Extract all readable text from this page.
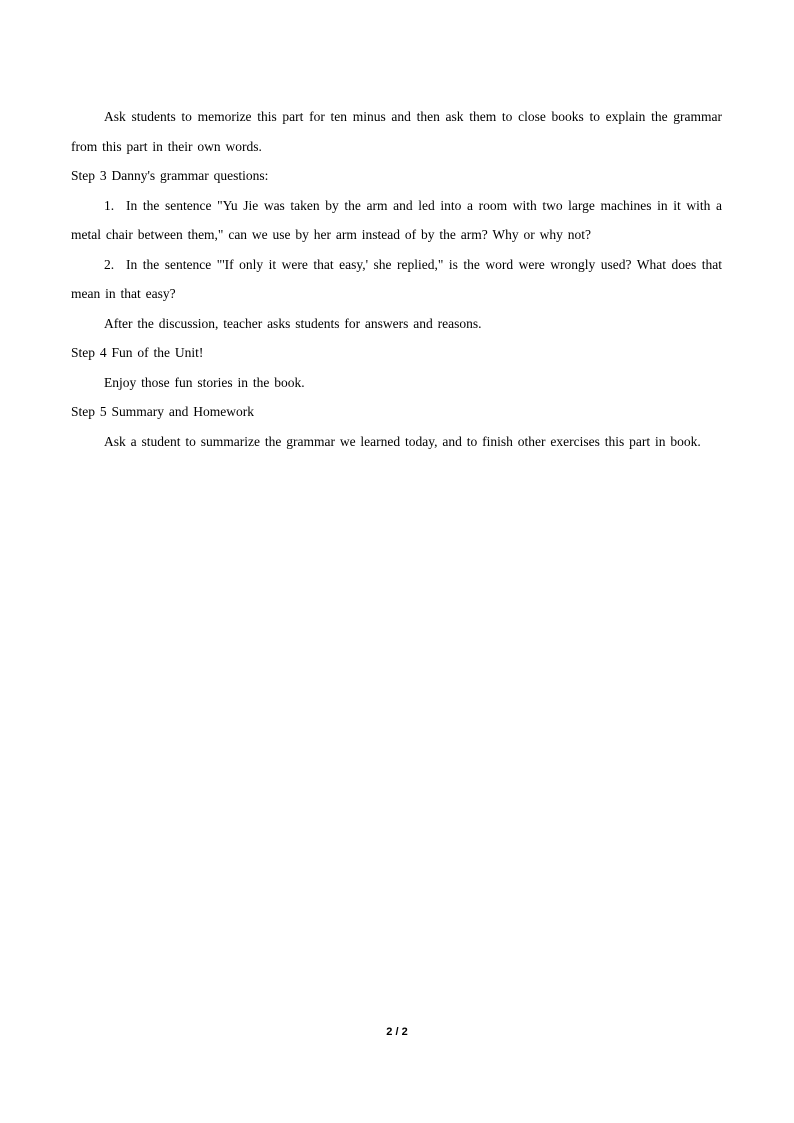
Ask students to memorize this part for ten minus and then ask them to close books to explain the grammar from this part in their own words.

Step 3 Danny's grammar questions:

1. In the sentence "Yu Jie was taken by the arm and led into a room with two large machines in it with a metal chair between them," can we use by her arm instead of by the arm? Why or why not?

2. In the sentence "'If only it were that easy,' she replied," is the word were wrongly used? What does that mean in that easy?

After the discussion, teacher asks students for answers and reasons.

Step 4 Fun of the Unit!

Enjoy those fun stories in the book.

Step 5 Summary and Homework

Ask a student to summarize the grammar we learned today, and to finish other exercises this part in book.

2 / 2
